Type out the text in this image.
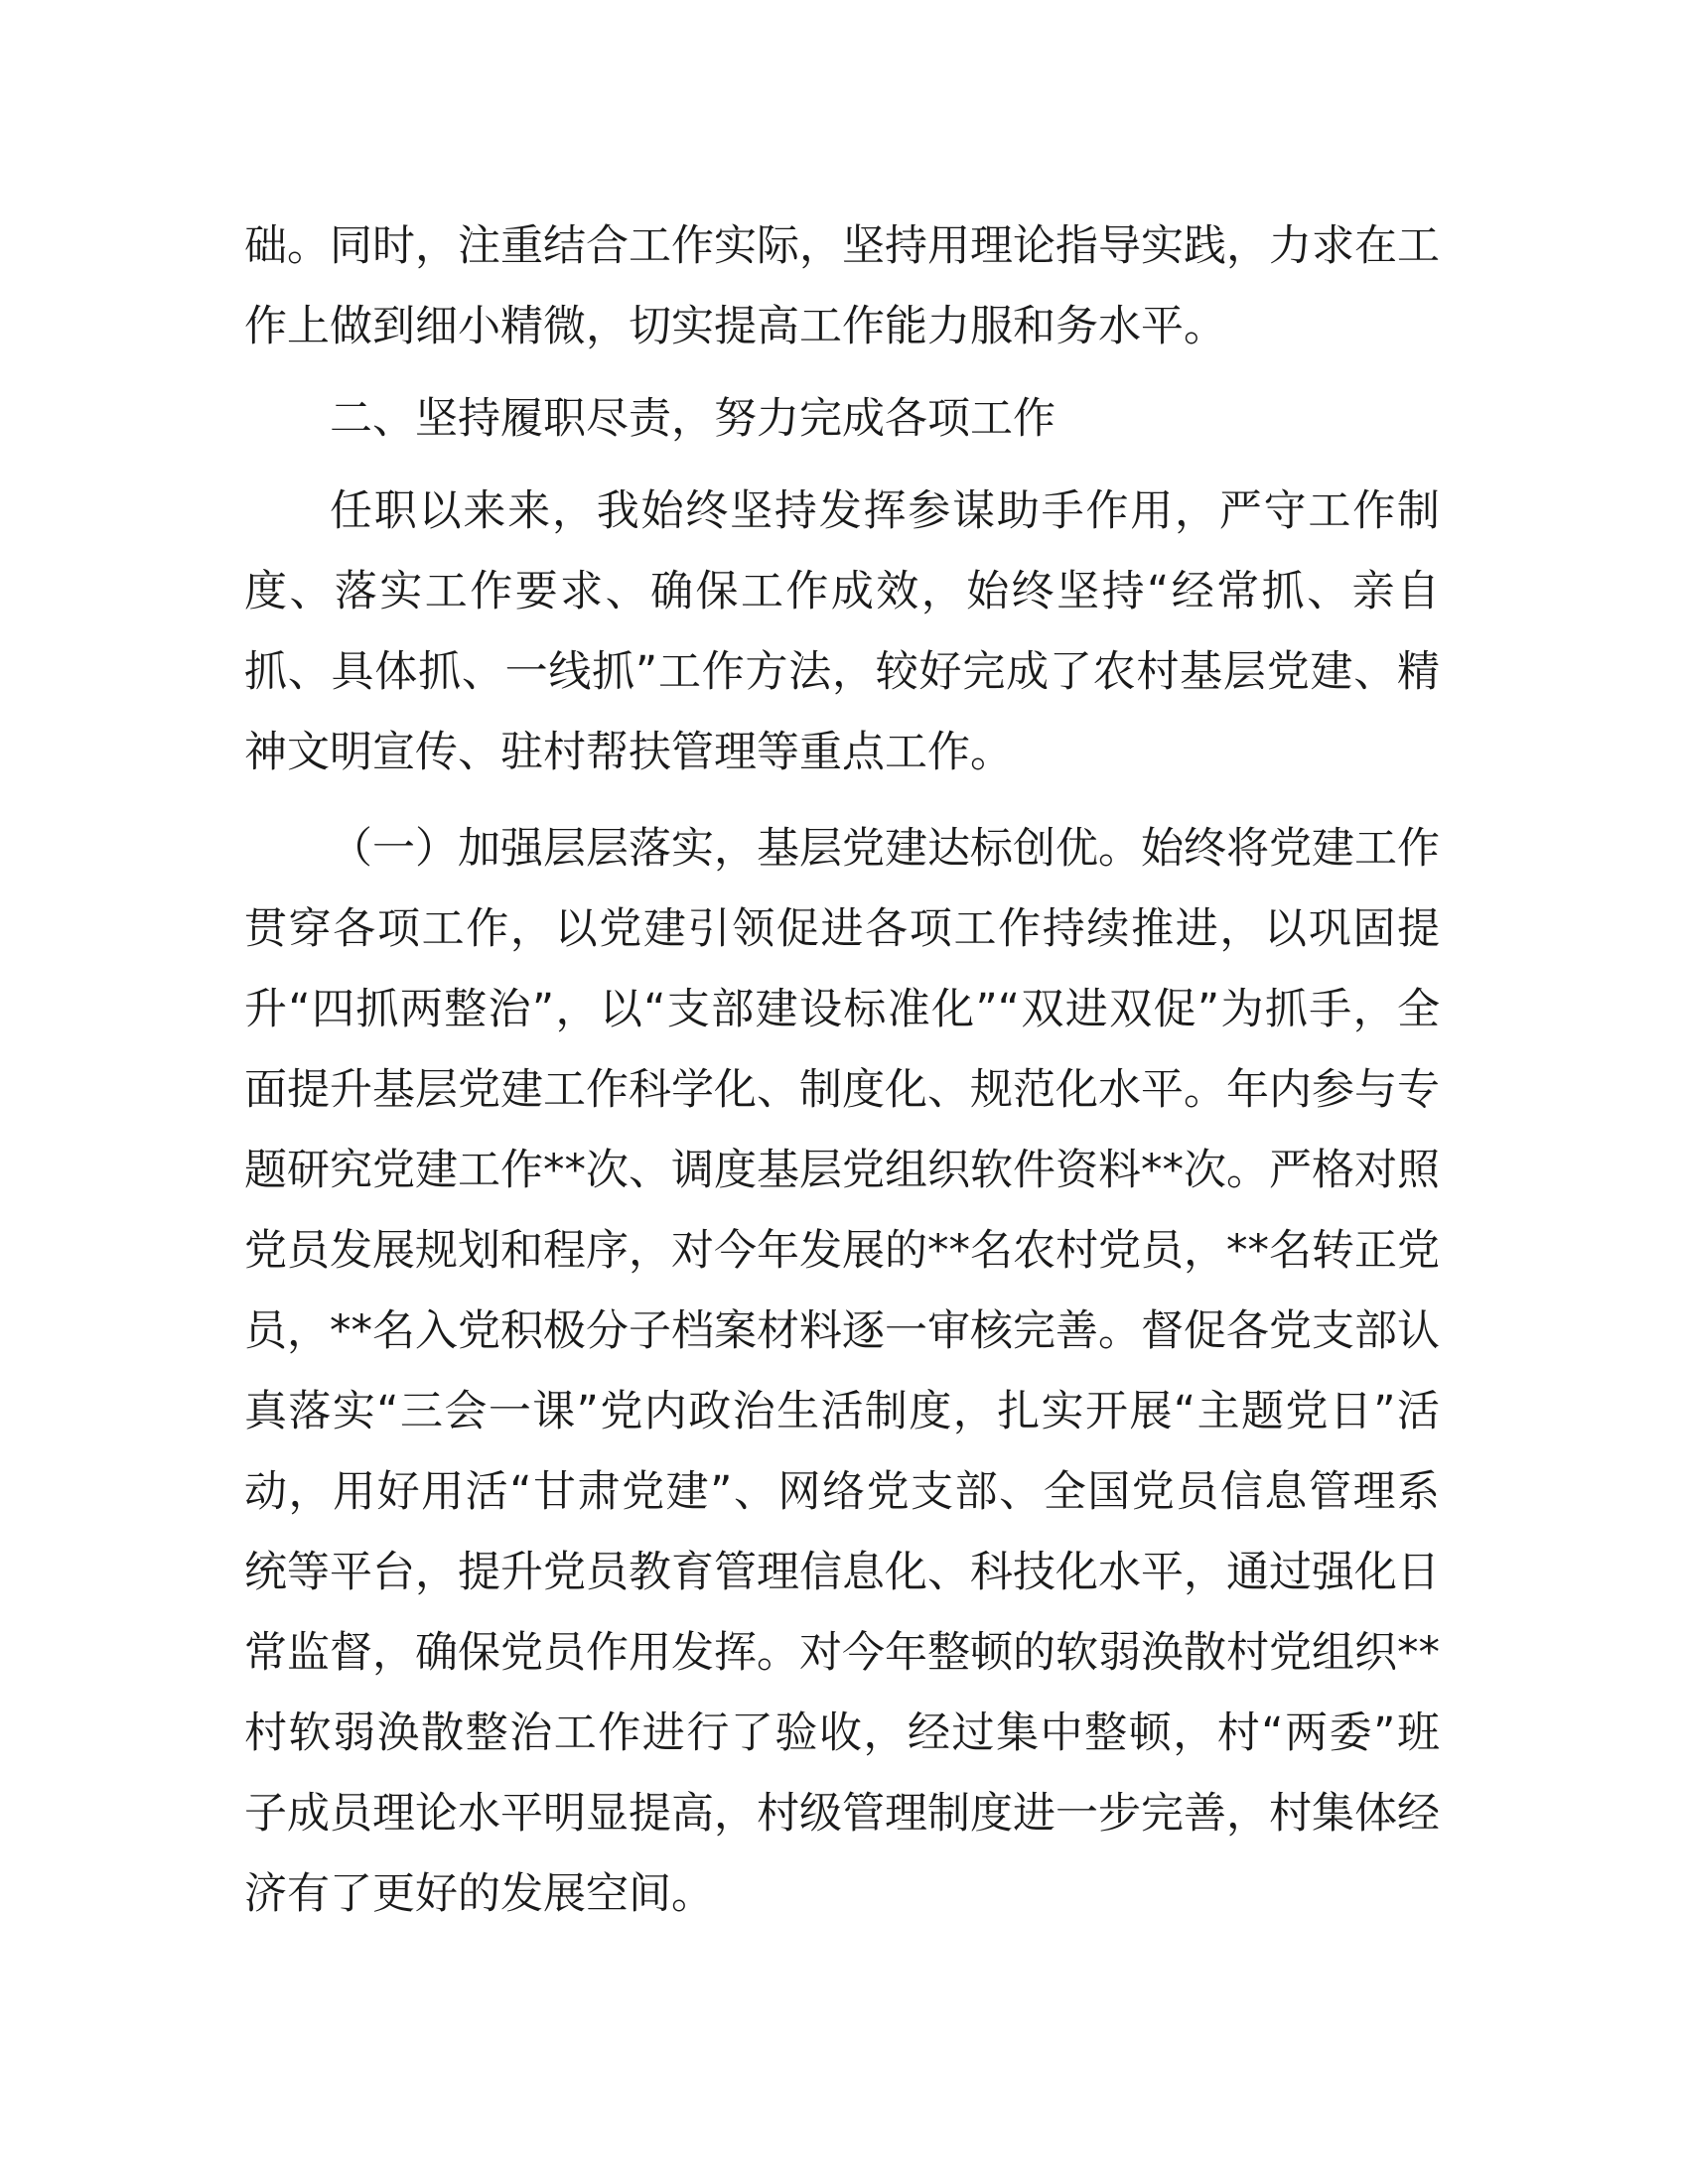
础。同时，注重结合工作实际，坚持用理论指导实践，力求在工作上做到细小精微，切实提高工作能力服和务水平。

二、坚持履职尽责，努力完成各项工作

任职以来来，我始终坚持发挥参谋助手作用，严守工作制度、落实工作要求、确保工作成效，始终坚持“经常抓、亲自抓、具体抓、一线抓”工作方法，较好完成了农村基层党建、精神文明宣传、驻村帮扶管理等重点工作。

（一）加强层层落实，基层党建达标创优。始终将党建工作贯穿各项工作，以党建引领促进各项工作持续推进，以巩固提升“四抓两整治”，以“支部建设标准化”“双进双促”为抓手，全面提升基层党建工作科学化、制度化、规范化水平。年内参与专题研究党建工作**次、调度基层党组织软件资料**次。严格对照党员发展规划和程序，对今年发展的**名农村党员，**名转正党员，**名入党积极分子档案材料逐一审核完善。督促各党支部认真落实“三会一课”党内政治生活制度，扎实开展“主题党日”活动，用好用活“甘肃党建”、网络党支部、全国党员信息管理系统等平台，提升党员教育管理信息化、科技化水平，通过强化日常监督，确保党员作用发挥。对今年整顿的软弱涣散村党组织**村软弱涣散整治工作进行了验收，经过集中整顿，村“两委”班子成员理论水平明显提高，村级管理制度进一步完善，村集体经济有了更好的发展空间。
